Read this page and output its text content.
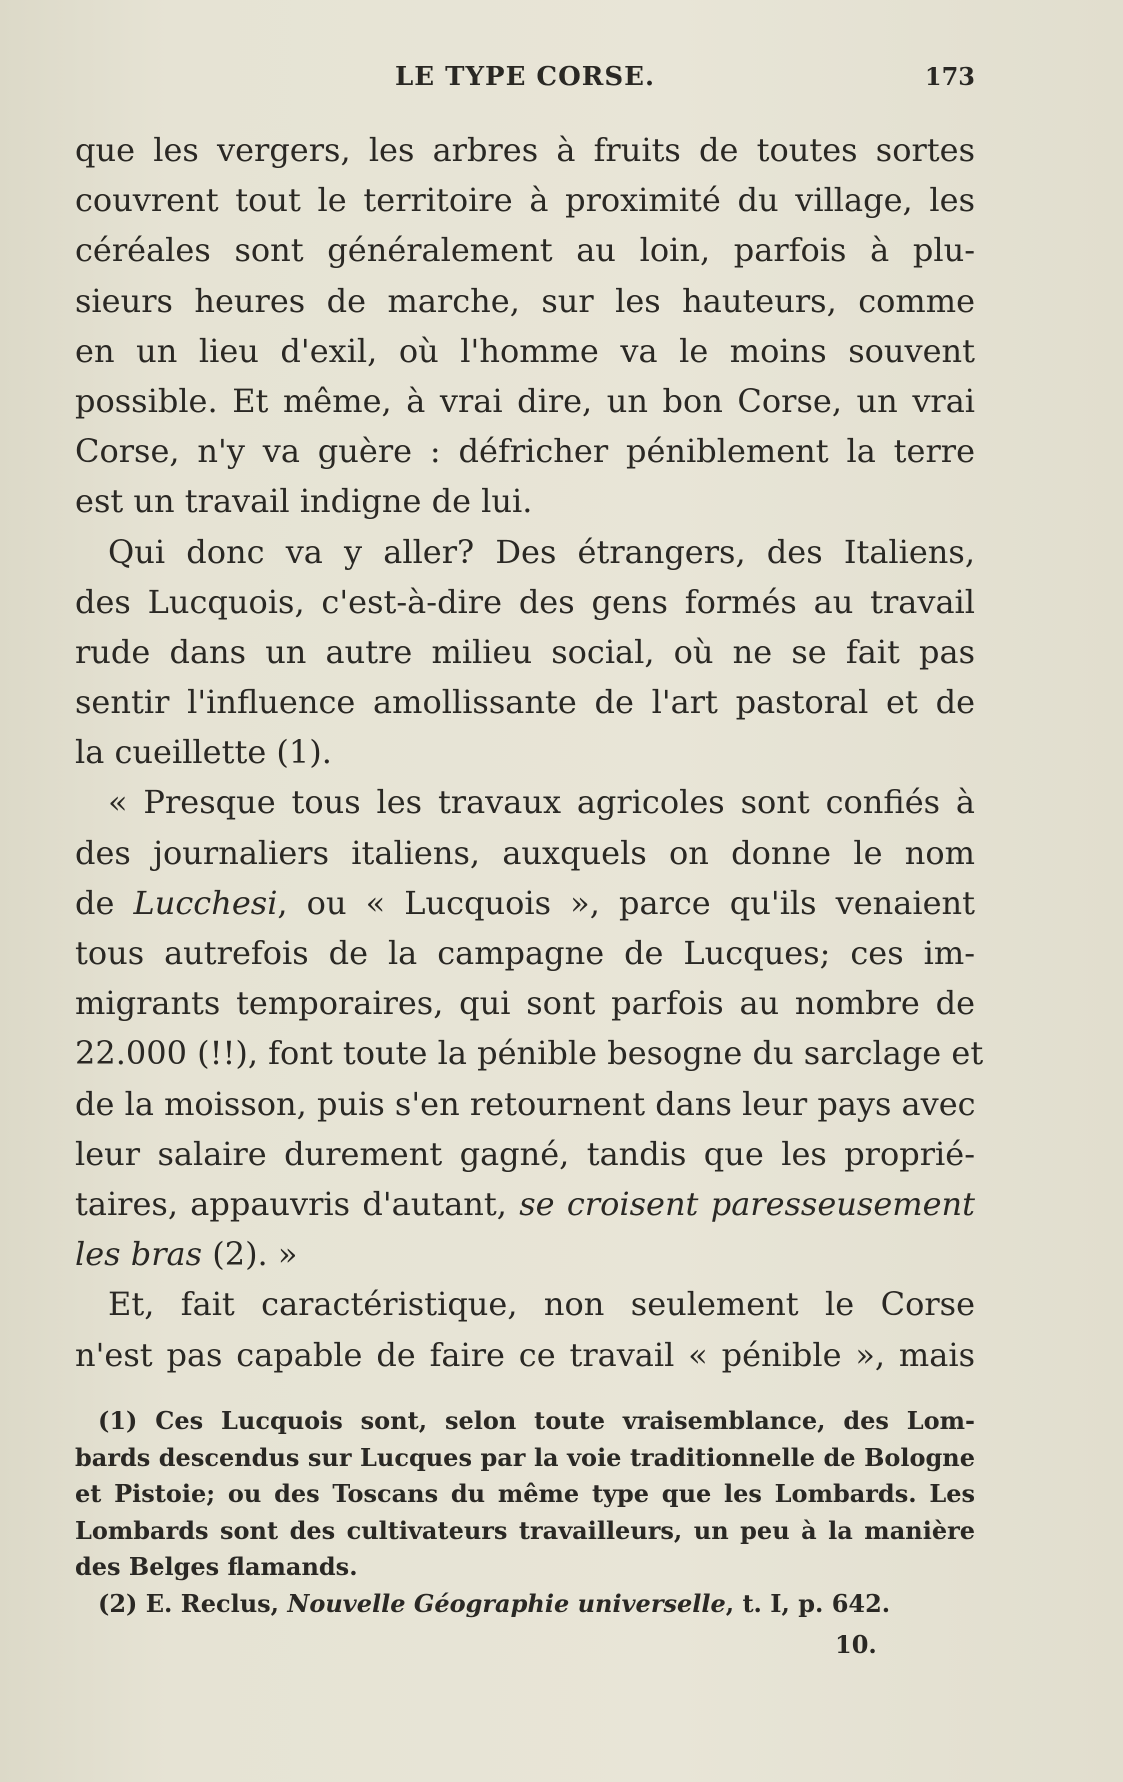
LE TYPE CORSE.	173
que les vergers, les arbres à fruits de toutes sortes
couvrent tout le territoire à proximité du village, les
céréales sont généralement au loin, parfois à plu-
sieurs heures de marche, sur les hauteurs, comme
en un lieu d'exil, où l'homme va le moins souvent
possible. Et même, à vrai dire, un bon Corse, un vrai
Corse, n'y va guère : défricher péniblement la terre
est un travail indigne de lui.
Qui donc va y aller? Des étrangers, des Italiens,
des Lucquois, c'est-à-dire des gens formés au travail
rude dans un autre milieu social, où ne se fait pas
sentir l'influence amollissante de l'art pastoral et de
la cueillette (1).
« Presque tous les travaux agricoles sont confiés à
des journaliers italiens, auxquels on donne le nom
de Lucchesi, ou « Lucquois », parce qu'ils venaient
tous autrefois de la campagne de Lucques; ces im-
migrants temporaires, qui sont parfois au nombre de
22.000 (!!), font toute la pénible besogne du sarclage et
de la moisson, puis s'en retournent dans leur pays avec
leur salaire durement gagné, tandis que les proprié-
taires, appauvris d'autant, se croisent paresseusement
les bras (2). »
Et, fait caractéristique, non seulement le Corse
n'est pas capable de faire ce travail « pénible », mais
(1) Ces Lucquois sont, selon toute vraisemblance, des Lom-
bards descendus sur Lucques par la voie traditionnelle de Bologne
et Pistoie; ou des Toscans du même type que les Lombards. Les
Lombards sont des cultivateurs travailleurs, un peu à la manière
des Belges flamands.
(2) E. Reclus, Nouvelle Géographie universelle, t. I, p. 642.
10.
